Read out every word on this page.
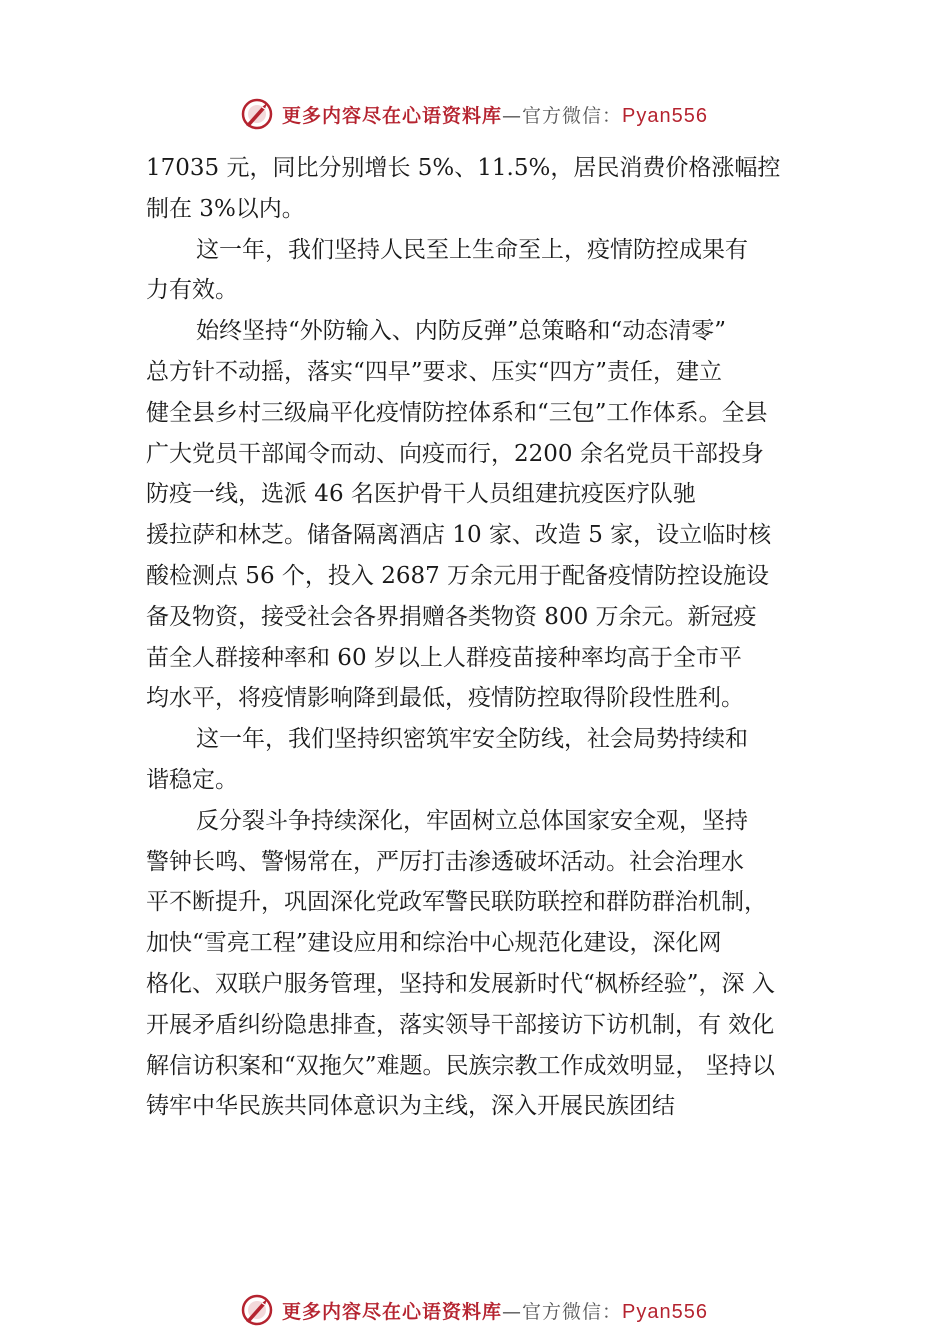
更多内容尽在心语资料库—官方微信：Pyan556
17035 元，同比分别增长 5%、11.5%，居民消费价格涨幅控
制在 3%以内。
这一年，我们坚持人民至上生命至上，疫情防控成果有
力有效。
始终坚持“外防输入、内防反弹”总策略和“动态清零”
总方针不动摇，落实“四早”要求、压实“四方”责任，建立
健全县乡村三级扁平化疫情防控体系和“三包”工作体系。全县
广大党员干部闻令而动、向疫而行，2200 余名党员干部投身
防疫一线，选派 46 名医护骨干人员组建抗疫医疗队驰
援拉萨和林芝。储备隔离酒店 10 家、改造 5 家，设立临时核
酸检测点 56 个，投入 2687 万余元用于配备疫情防控设施设
备及物资，接受社会各界捐赠各类物资 800 万余元。新冠疫
苗全人群接种率和 60 岁以上人群疫苗接种率均高于全市平
均水平，将疫情影响降到最低，疫情防控取得阶段性胜利。
这一年，我们坚持织密筑牢安全防线，社会局势持续和
谐稳定。
反分裂斗争持续深化，牢固树立总体国家安全观，坚持
警钟长鸣、警惕常在，严厉打击渗透破坏活动。社会治理水
平不断提升，巩固深化党政军警民联防联控和群防群治机制，
加快“雪亮工程”建设应用和综治中心规范化建设，深化网
格化、双联户服务管理，坚持和发展新时代“枫桥经验”，深 入
开展矛盾纠纷隐患排查，落实领导干部接访下访机制，有 效化
解信访积案和“双拖欠”难题。民族宗教工作成效明显， 坚持以
铸牢中华民族共同体意识为主线，深入开展民族团结
更多内容尽在心语资料库—官方微信：Pyan556
